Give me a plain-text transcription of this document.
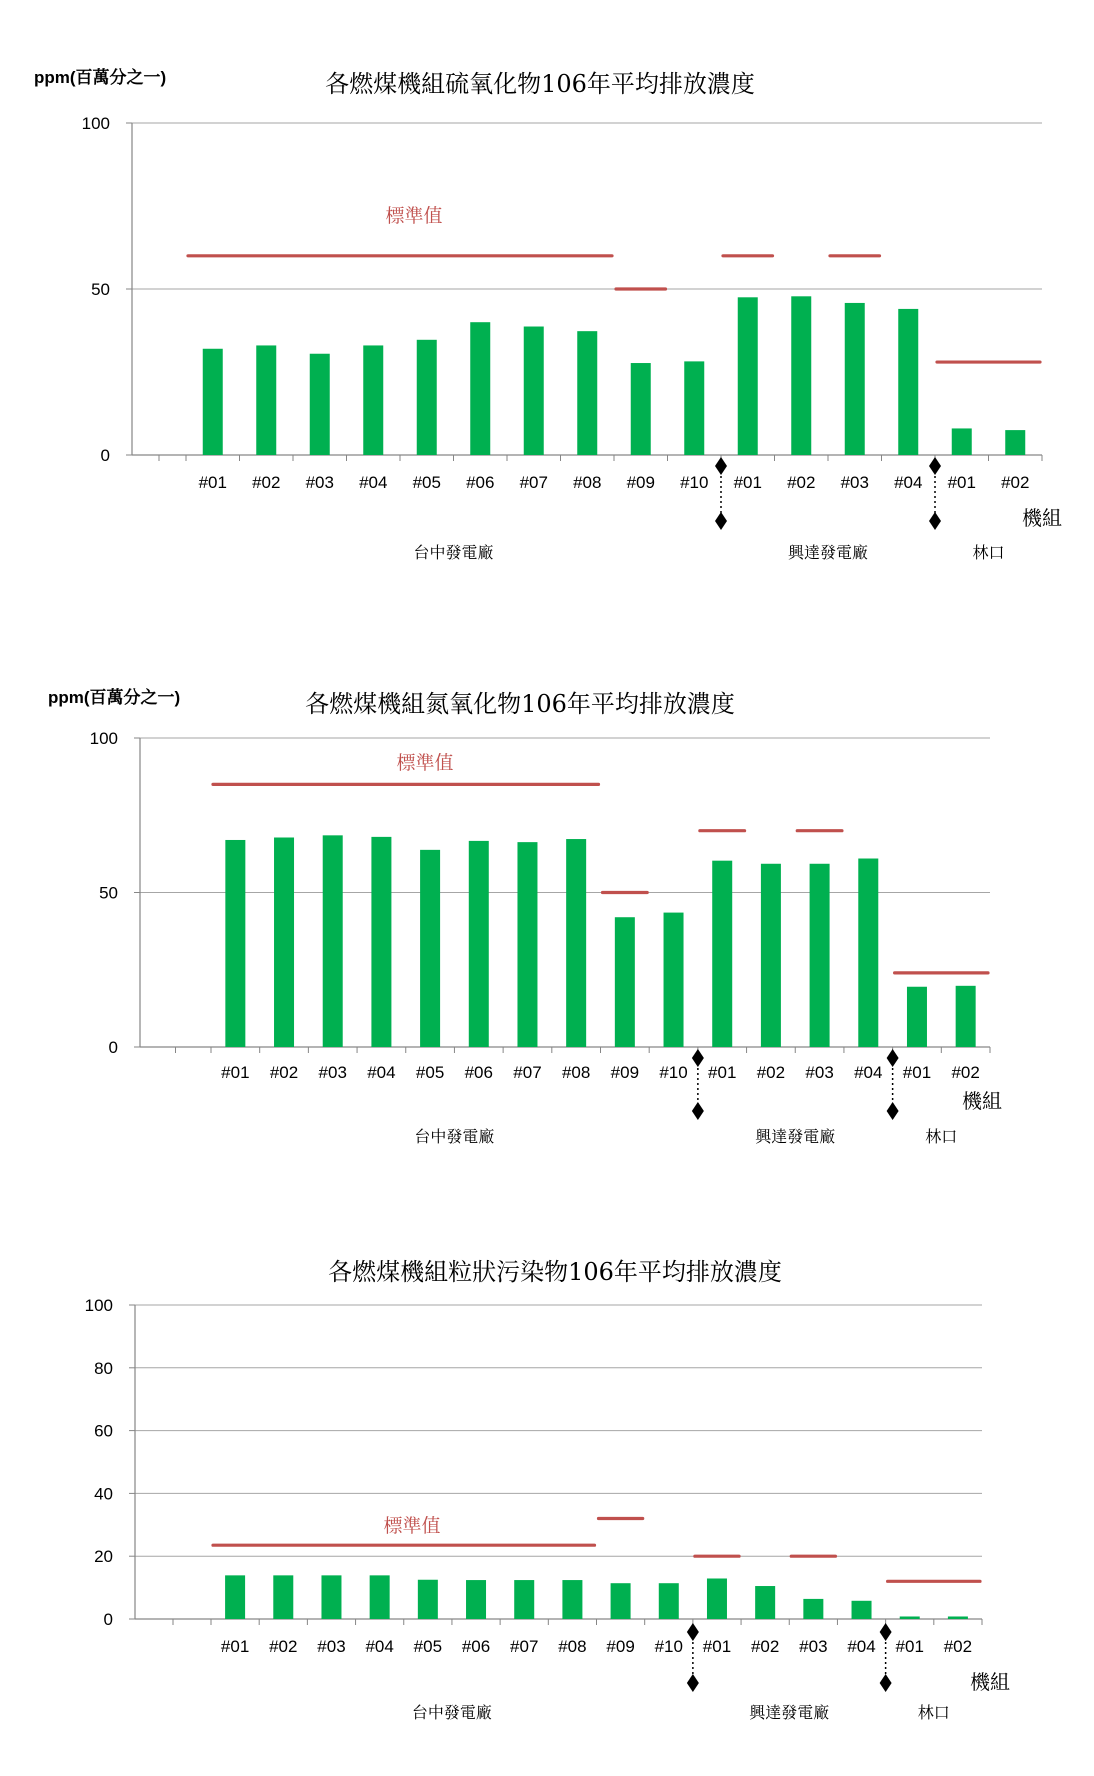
ppm(百萬分之一)	各燃煤機組硫氧化物106年平均排放濃度
0
50
100
標準值
#01 #02 #03 #04 #05 #06 #07 #08 #09 #10 #01 #02 #03 #04 #01 #02
台中發電廠	興達發電廠	林口
機組
ppm(百萬分之一)	各燃煤機組氮氧化物106年平均排放濃度
0
50
100
標準值
#01 #02 #03 #04 #05 #06 #07 #08 #09 #10 #01 #02 #03 #04 #01 #02
台中發電廠	興達發電廠	林口
機組
各燃煤機組粒狀污染物106年平均排放濃度
0
20
40
60
80
100
標準值
#01 #02 #03 #04 #05 #06 #07 #08 #09 #10 #01 #02 #03 #04 #01 #02
台中發電廠	興達發電廠	林口
機組
